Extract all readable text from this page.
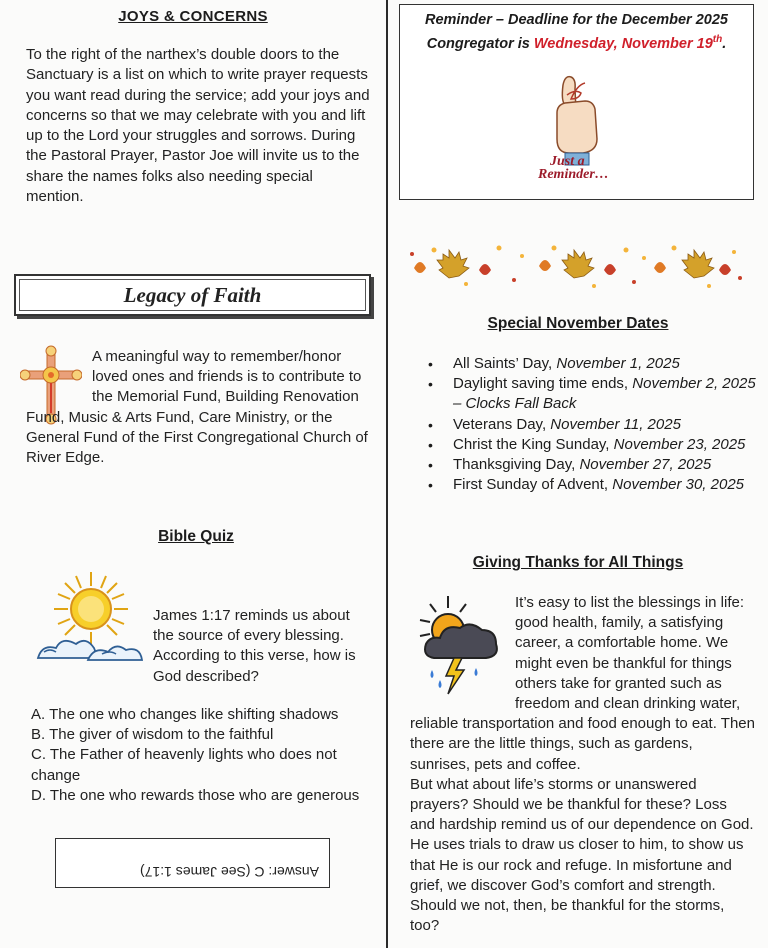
JOYS & CONCERNS
To the right of the narthex’s double doors to the Sanctuary is a list on which to write prayer requests you want read during the service; add your joys and concerns so that we may celebrate with you and lift up to the Lord your struggles and sorrows. During the Pastoral Prayer, Pastor Joe will invite us to the share the names folks also needing special mention.
Legacy of Faith

A meaningful way to remember/honor loved ones and friends is to contribute to the Memorial Fund, Building Renovation

Fund, Music & Arts Fund, Care Ministry, or the General Fund of the First Congregational Church of River Edge.

Bible Quiz
James 1:17 reminds us about the source of every blessing. According to this verse, how is God described?
A. The one who changes like shifting shadows
B. The giver of wisdom to the faithful
C. The Father of heavenly lights who does not change
D. The one who rewards those who are generous
Answer: C (See James 1:17)
Reminder – Deadline for the December 2025
Congregator is Wednesday, November 19th.
Just a
Reminder…
Special November Dates
• All Saints’ Day, November 1, 2025
• Daylight saving time ends, November 2, 2025 – Clocks Fall Back
• Veterans Day, November 11, 2025
• Christ the King Sunday, November 23, 2025
• Thanksgiving Day, November 27, 2025
• First Sunday of Advent, November 30, 2025
Giving Thanks for All Things

It’s easy to list the blessings in life: good health, family, a satisfying career, a comfortable home. We might even be thankful for things others take for granted such as freedom and clean drinking water,

reliable transportation and food enough to eat. Then there are the little things, such as gardens, sunrises, pets and coffee.

But what about life’s storms or unanswered prayers? Should we be thankful for these? Loss and hardship remind us of our dependence on God. He uses trials to draw us closer to him, to show us that He is our rock and refuge. In misfortune and grief, we discover God’s comfort and strength. Should we not, then, be thankful for the storms, too?
